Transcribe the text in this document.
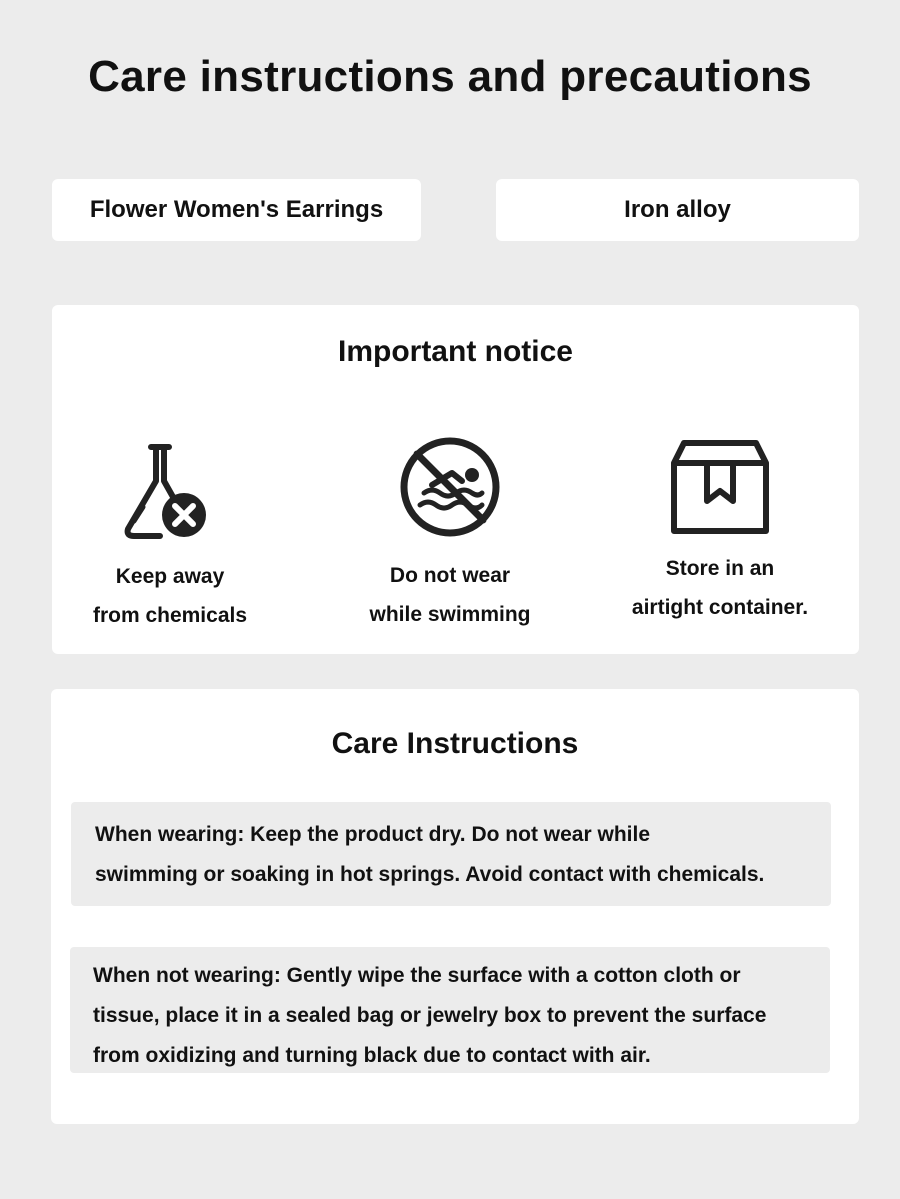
Care instructions and precautions
Flower Women's Earrings	Iron alloy
Important notice
Keep away
from chemicals
Do not wear
while swimming
Store in an
airtight container.
Care Instructions
When wearing: Keep the product dry. Do not wear while
swimming or soaking in hot springs. Avoid contact with chemicals.
When not wearing: Gently wipe the surface with a cotton cloth or
tissue, place it in a sealed bag or jewelry box to prevent the surface
from oxidizing and turning black due to contact with air.
